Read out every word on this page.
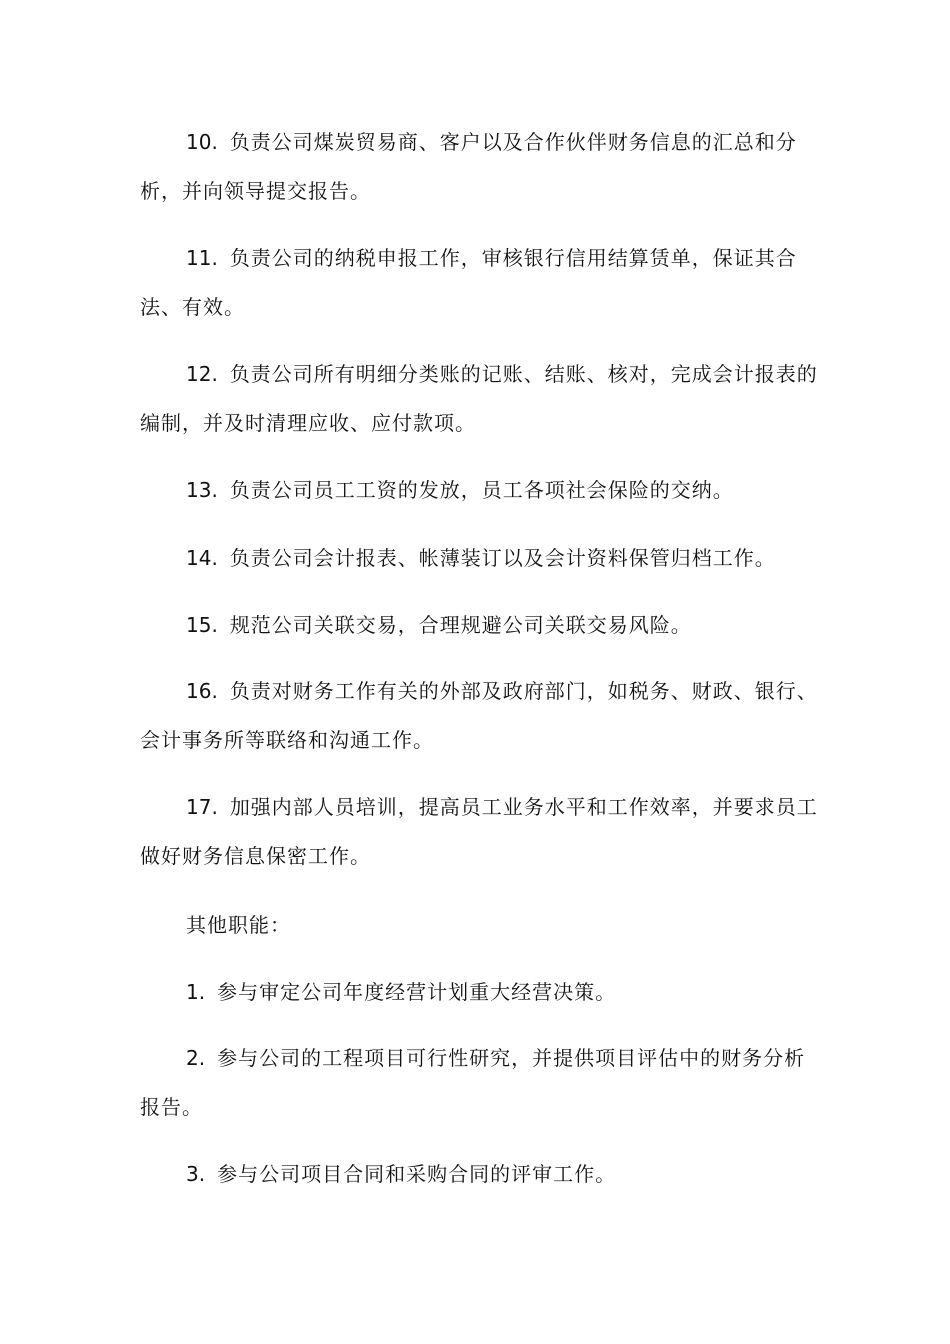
10. 负责公司煤炭贸易商、客户以及合作伙伴财务信息的汇总和分析，并向领导提交报告。

11. 负责公司的纳税申报工作，审核银行信用结算赁单，保证其合法、有效。

12. 负责公司所有明细分类账的记账、结账、核对，完成会计报表的编制，并及时清理应收、应付款项。

13. 负责公司员工工资的发放，员工各项社会保险的交纳。

14. 负责公司会计报表、帐薄装订以及会计资料保管归档工作。

15. 规范公司关联交易，合理规避公司关联交易风险。

16. 负责对财务工作有关的外部及政府部门，如税务、财政、银行、会计事务所等联络和沟通工作。

17. 加强内部人员培训，提高员工业务水平和工作效率，并要求员工做好财务信息保密工作。

其他职能：

1. 参与审定公司年度经营计划重大经营决策。

2. 参与公司的工程项目可行性研究，并提供项目评估中的财务分析报告。

3. 参与公司项目合同和采购合同的评审工作。
